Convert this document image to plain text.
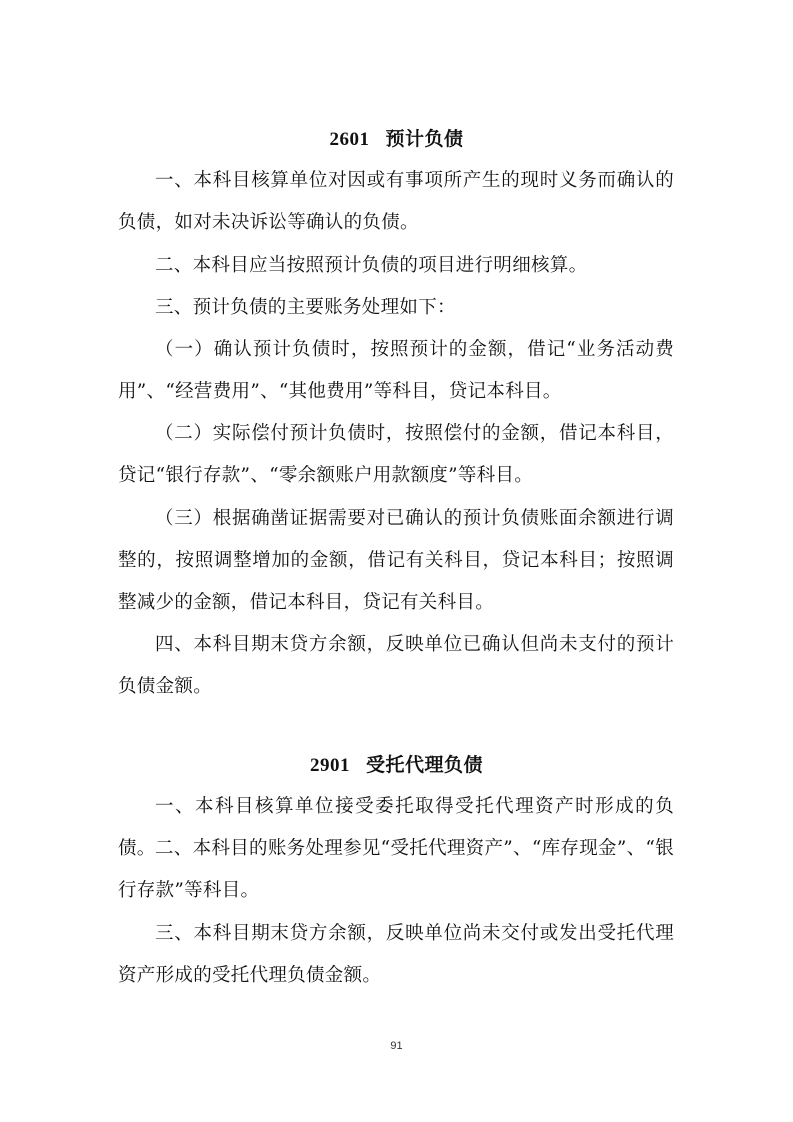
2601 预计负债

一、本科目核算单位对因或有事项所产生的现时义务而确认的负债，如对未决诉讼等确认的负债。

二、本科目应当按照预计负债的项目进行明细核算。

三、预计负债的主要账务处理如下：

（一）确认预计负债时，按照预计的金额，借记“业务活动费用”、“经营费用”、“其他费用”等科目，贷记本科目。

（二）实际偿付预计负债时，按照偿付的金额，借记本科目，贷记“银行存款”、“零余额账户用款额度”等科目。

（三）根据确凿证据需要对已确认的预计负债账面余额进行调整的，按照调整增加的金额，借记有关科目，贷记本科目；按照调整减少的金额，借记本科目，贷记有关科目。

四、本科目期末贷方余额，反映单位已确认但尚未支付的预计负债金额。

2901 受托代理负债

一、本科目核算单位接受委托取得受托代理资产时形成的负债。 二、本科目的账务处理参见“受托代理资产”、“库存现金”、“银行存款”等科目。

三、本科目期末贷方余额，反映单位尚未交付或发出受托代理资产形成的受托代理负债金额。

91
